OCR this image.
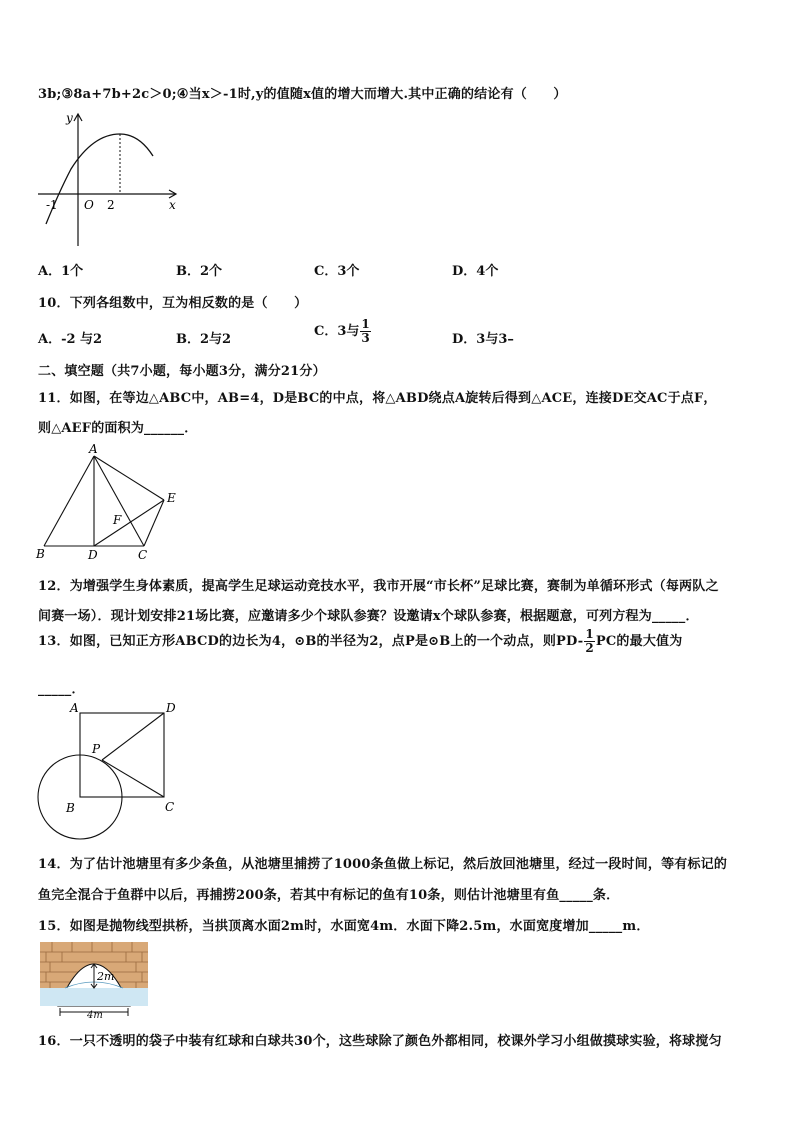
3b;③8a+7b+2c＞0;④当x＞-1时,y的值随x值的增大而增大.其中正确的结论有（　　）
y
x
O
-1	2
A．1个	B．2个	C．3个	D．4个
10．下列各组数中，互为相反数的是（　　）
A．-2 与2	B．2与2
C．3与 $\frac{1}{3}$	D．3与3–
二、填空题（共7小题，每小题3分，满分21分）
11．如图，在等边△ABC中，AB=4，D是BC的中点，将△ABD绕点A旋转后得到△ACE，连接DE交AC于点F，
则△AEF的面积为______．
A
B	D	C
E
F
12．为增强学生身体素质，提高学生足球运动竞技水平，我市开展“市长杯”足球比赛，赛制为单循环形式（每两队之
间赛一场）．现计划安排21场比赛，应邀请多少个球队参赛？设邀请x个球队参赛，根据题意，可列方程为_____．
13．如图，已知正方形ABCD的边长为4，⊙B的半径为2，点P是⊙B上的一个动点，则$PD- \frac{1}{2}$ PC的最大值为
_____．
A	D
P
B	C
14．为了估计池塘里有多少条鱼，从池塘里捕捞了1000条鱼做上标记，然后放回池塘里，经过一段时间，等有标记的
鱼完全混合于鱼群中以后，再捕捞200条，若其中有标记的鱼有10条，则估计池塘里有鱼_____条．
15．如图是抛物线型拱桥，当拱顶离水面2m时，水面宽4m．水面下降2.5m，水面宽度增加_____m．
2m
4m
16．一只不透明的袋子中装有红球和白球共30个，这些球除了颜色外都相同，校课外学习小组做摸球实验，将球搅匀
